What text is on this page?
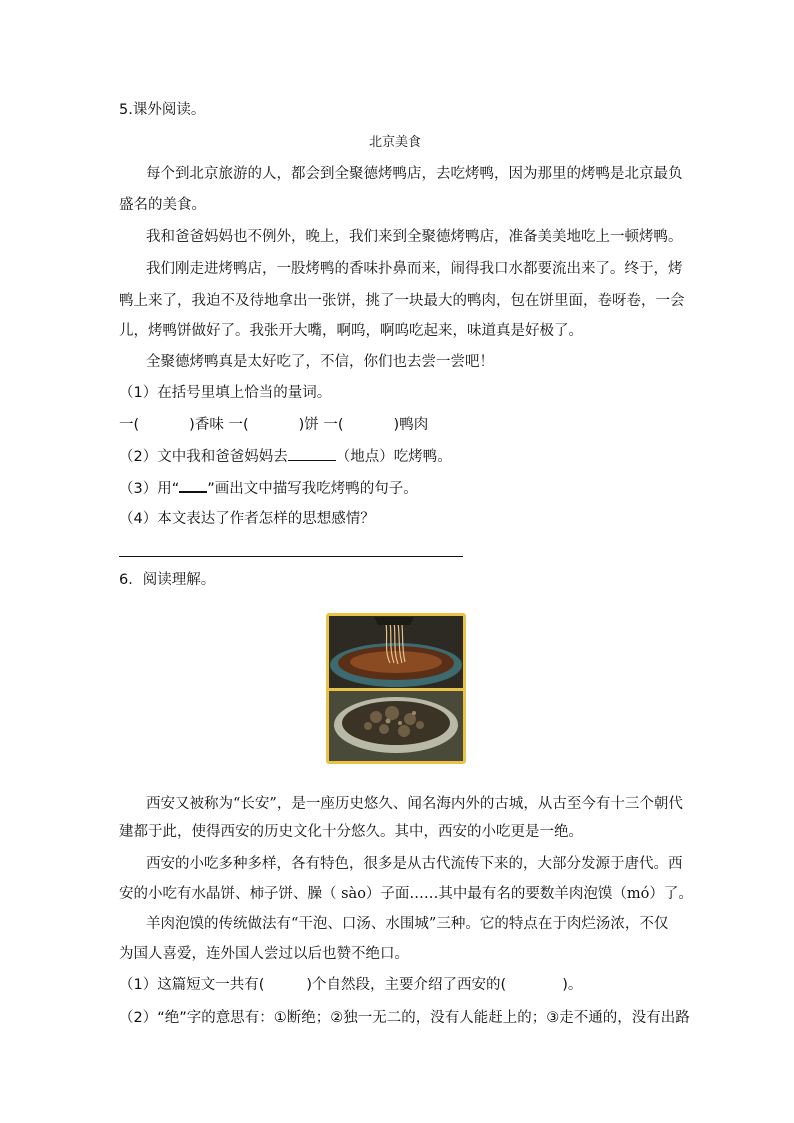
5.课外阅读。
北京美食
每个到北京旅游的人，都会到全聚德烤鸭店，去吃烤鸭，因为那里的烤鸭是北京最负
盛名的美食。
我和爸爸妈妈也不例外，晚上，我们来到全聚德烤鸭店，准备美美地吃上一顿烤鸭。
我们刚走进烤鸭店，一股烤鸭的香味扑鼻而来，闹得我口水都要流出来了。终于，烤
鸭上来了，我迫不及待地拿出一张饼，挑了一块最大的鸭肉，包在饼里面，卷呀卷，一会
儿，烤鸭饼做好了。我张开大嘴，啊呜，啊呜吃起来，味道真是好极了。
全聚德烤鸭真是太好吃了，不信，你们也去尝一尝吧！
（1）在括号里填上恰当的量词。
一(	)香味 一(	)饼 一(	)鸭肉
（2）文中我和爸爸妈妈去	（地点）吃烤鸭。
（3）用“ ”画出文中描写我吃烤鸭的句子。
（4）本文表达了作者怎样的思想感情？
6．阅读理解。
西安又被称为“长安”，是一座历史悠久、闻名海内外的古城，从古至今有十三个朝代
建都于此，使得西安的历史文化十分悠久。其中，西安的小吃更是一绝。
西安的小吃多种多样，各有特色，很多是从古代流传下来的，大部分发源于唐代。西
安的小吃有水晶饼、柿子饼、臊（ sào）子面……其中最有名的要数羊肉泡馍（mó）了。
羊肉泡馍的传统做法有“干泡、口汤、水围城”三种。它的特点在于肉烂汤浓，不仅
为国人喜爱，连外国人尝过以后也赞不绝口。
（1）这篇短文一共有(	)个自然段，主要介绍了西安的(	)。
（2）“绝”字的意思有：①断绝；②独一无二的，没有人能赶上的；③走不通的，没有出路
